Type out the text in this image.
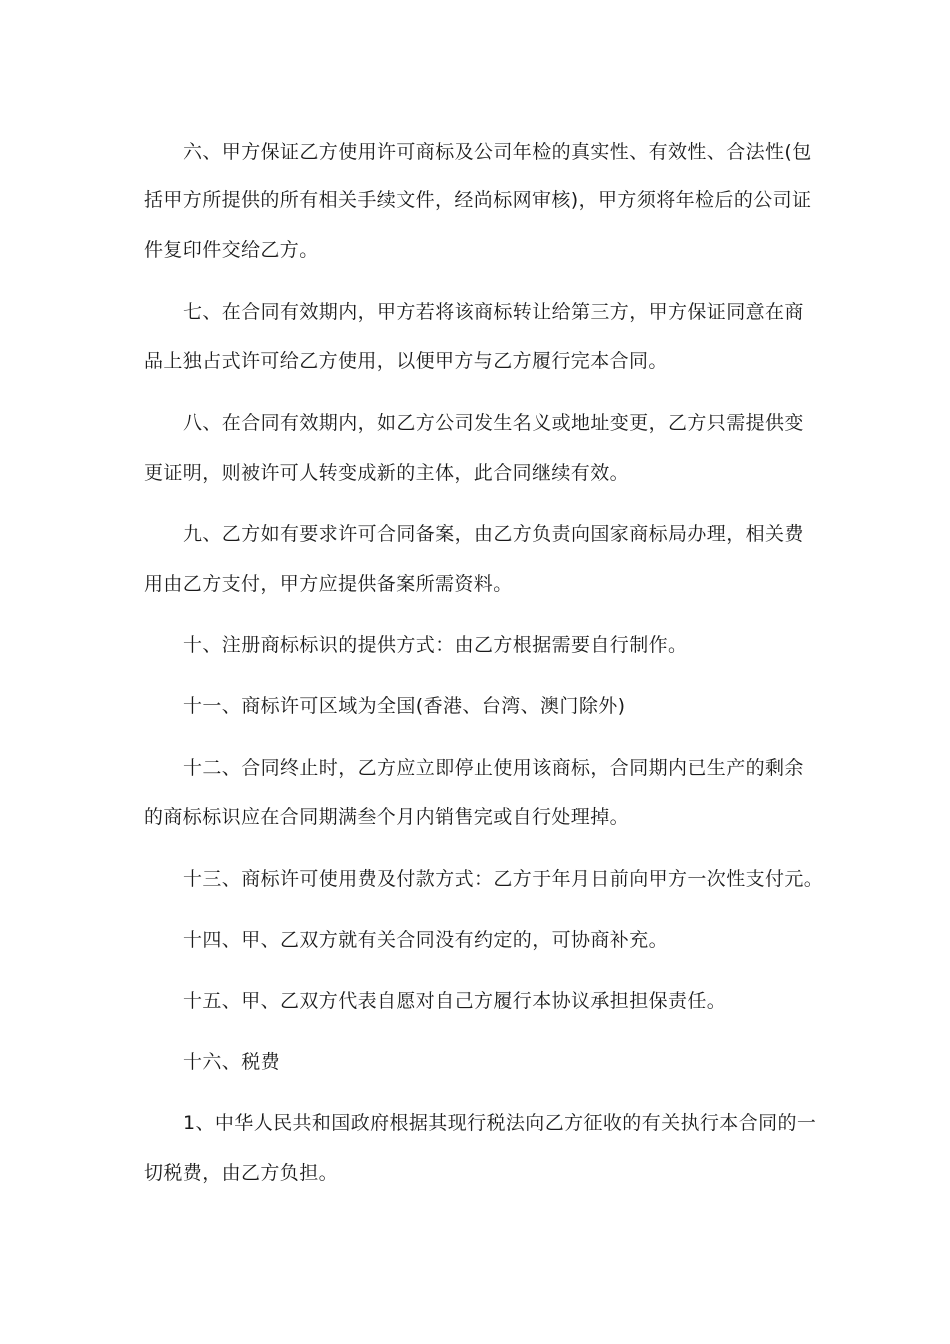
六、甲方保证乙方使用许可商标及公司年检的真实性、有效性、合法性(包
括甲方所提供的所有相关手续文件，经尚标网审核)，甲方须将年检后的公司证
件复印件交给乙方。
七、在合同有效期内，甲方若将该商标转让给第三方，甲方保证同意在商
品上独占式许可给乙方使用，以便甲方与乙方履行完本合同。
八、在合同有效期内，如乙方公司发生名义或地址变更，乙方只需提供变
更证明，则被许可人转变成新的主体，此合同继续有效。
九、乙方如有要求许可合同备案，由乙方负责向国家商标局办理，相关费
用由乙方支付，甲方应提供备案所需资料。
十、注册商标标识的提供方式：由乙方根据需要自行制作。
十一、商标许可区域为全国(香港、台湾、澳门除外)
十二、合同终止时，乙方应立即停止使用该商标，合同期内已生产的剩余
的商标标识应在合同期满叁个月内销售完或自行处理掉。
十三、商标许可使用费及付款方式：乙方于年月日前向甲方一次性支付元。
十四、甲、乙双方就有关合同没有约定的，可协商补充。
十五、甲、乙双方代表自愿对自己方履行本协议承担担保责任。
十六、税费
1、中华人民共和国政府根据其现行税法向乙方征收的有关执行本合同的一
切税费，由乙方负担。
